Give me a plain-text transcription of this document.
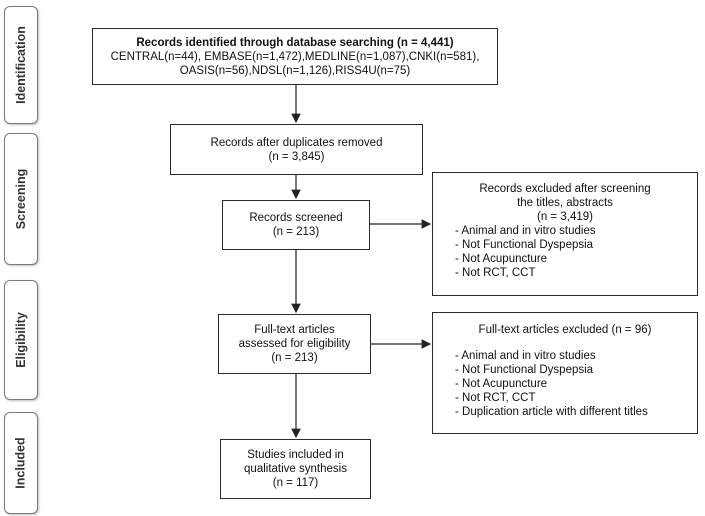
Identification
Screening
Eligibility
Included
Records identified through database searching (n = 4,441)
CENTRAL(n=44), EMBASE(n=1,472),MEDLINE(n=1,087),CNKI(n=581),
OASIS(n=56),NDSL(n=1,126),RISS4U(n=75)
Records after duplicates removed
(n = 3,845)
Records screened
(n = 213)
Records excluded after screening
the titles, abstracts
(n = 3,419)
- Animal and in vitro studies
- Not Functional Dyspepsia
- Not Acupuncture
- Not RCT, CCT
Full-text articles
assessed for eligibility
(n = 213)
Full-text articles excluded (n = 96)
- Animal and in vitro studies
- Not Functional Dyspepsia
- Not Acupuncture
- Not RCT, CCT
- Duplication article with different titles
Studies included in
qualitative synthesis
(n = 117)
